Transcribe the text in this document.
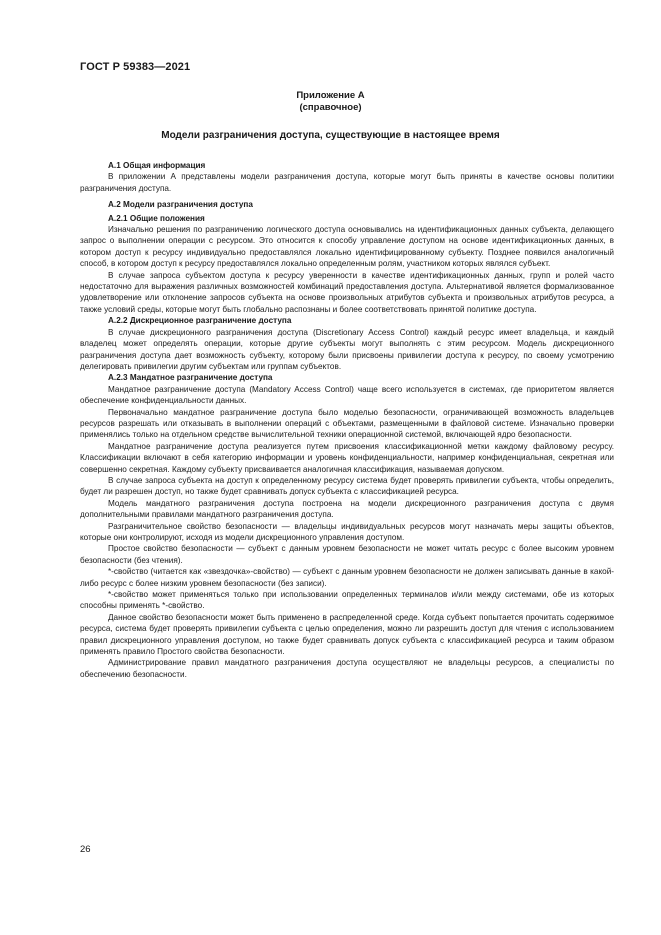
ГОСТ Р 59383—2021
Приложение А
(справочное)
Модели разграничения доступа, существующие в настоящее время
А.1 Общая информация

В приложении А представлены модели разграничения доступа, которые могут быть приняты в качестве основы политики разграничения доступа.

А.2 Модели разграничения доступа
А.2.1 Общие положения

Изначально решения по разграничению логического доступа основывались на идентификационных данных субъекта, делающего запрос о выполнении операции с ресурсом. Это относится к способу управление доступом на основе идентификационных данных, в котором доступ к ресурсу индивидуально предоставлялся локально идентифицированному субъекту. Позднее появился аналогичный способ, в котором доступ к ресурсу предоставлялся локально определенным ролям, участником которых являлся субъект.

В случае запроса субъектом доступа к ресурсу уверенности в качестве идентификационных данных, групп и ролей часто недостаточно для выражения различных возможностей комбинаций предоставления доступа. Альтернативой является формализованное удовлетворение или отклонение запросов субъекта на основе произвольных атрибутов субъекта и произвольных атрибутов ресурса, а также условий среды, которые могут быть глобально распознаны и более соответствовать принятой политике доступа.

А.2.2 Дискреционное разграничение доступа

В случае дискреционного разграничения доступа (Discretionary Access Control) каждый ресурс имеет владельца, и каждый владелец может определять операции, которые другие субъекты могут выполнять с этим ресурсом. Модель дискреционного разграничения доступа дает возможность субъекту, которому были присвоены привилегии доступа к ресурсу, по своему усмотрению делегировать привилегии другим субъектам или группам субъектов.

А.2.3 Мандатное разграничение доступа

Мандатное разграничение доступа (Mandatory Access Control) чаще всего используется в системах, где приоритетом является обеспечение конфиденциальности данных.

Первоначально мандатное разграничение доступа было моделью безопасности, ограничивающей возможность владельцев ресурсов разрешать или отказывать в выполнении операций с объектами, размещенными в файловой системе. Изначально проверки применялись только на отдельном средстве вычислительной техники операционной системой, включающей ядро безопасности.

Мандатное разграничение доступа реализуется путем присвоения классификационной метки каждому файловому ресурсу. Классификации включают в себя категорию информации и уровень конфиденциальности, например конфиденциальная, секретная или совершенно секретная. Каждому субъекту присваивается аналогичная классификация, называемая допуском.

В случае запроса субъекта на доступ к определенному ресурсу система будет проверять привилегии субъекта, чтобы определить, будет ли разрешен доступ, но также будет сравнивать допуск субъекта с классификацией ресурса.

Модель мандатного разграничения доступа построена на модели дискреционного разграничения доступа с двумя дополнительными правилами мандатного разграничения доступа.

Разграничительное свойство безопасности — владельцы индивидуальных ресурсов могут назначать меры защиты объектов, которые они контролируют, исходя из модели дискреционного управления доступом.

Простое свойство безопасности — субъект с данным уровнем безопасности не может читать ресурс с более высоким уровнем безопасности (без чтения).

*-свойство (читается как «звездочка»-свойство) — субъект с данным уровнем безопасности не должен записывать данные в какой-либо ресурс с более низким уровнем безопасности (без записи).

*-свойство может применяться только при использовании определенных терминалов и/или между системами, обе из которых способны применять *-свойство.

Данное свойство безопасности может быть применено в распределенной среде. Когда субъект попытается прочитать содержимое ресурса, система будет проверять привилегии субъекта с целью определения, можно ли разрешить доступ для чтения с использованием правил дискреционного управления доступом, но также будет сравнивать допуск субъекта с классификацией ресурса и таким образом применять правило Простого свойства безопасности.

Администрирование правил мандатного разграничения доступа осуществляют не владельцы ресурсов, а специалисты по обеспечению безопасности.

26
